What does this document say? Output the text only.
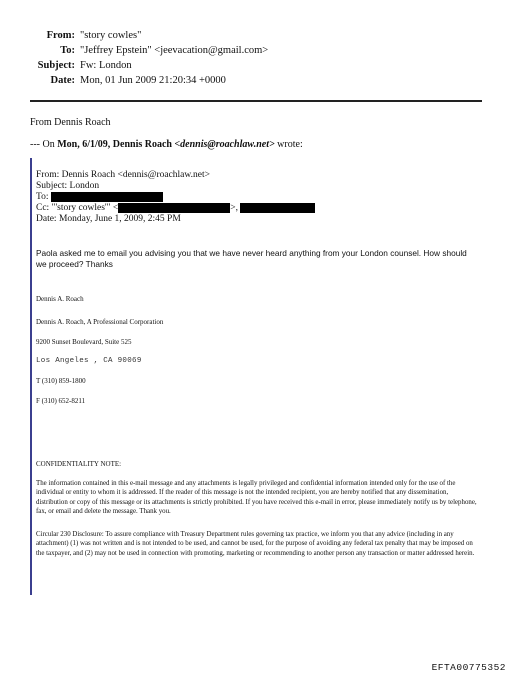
From: "story cowles"
To: "Jeffrey Epstein" <jeevacation@gmail.com>
Subject: Fw: London
Date: Mon, 01 Jun 2009 21:20:34 +0000
From Dennis Roach
--- On Mon, 6/1/09, Dennis Roach <dennis@roachlaw.net> wrote:
From: Dennis Roach <dennis@roachlaw.net>
Subject: London
To:
Cc: "'story cowles'" <	>,
Date: Monday, June 1, 2009, 2:45 PM
Paola asked me to email you advising you that we have never heard anything from your London counsel. How should we proceed? Thanks
Dennis A. Roach
Dennis A. Roach, A Professional Corporation
9200 Sunset Boulevard, Suite 525
Los Angeles , CA 90069
T (310) 859-1800
F (310) 652-8211
CONFIDENTIALITY NOTE:
The information contained in this e-mail message and any attachments is legally privileged and confidential information intended only for the use of the individual or entity to whom it is addressed. If the reader of this message is not the intended recipient, you are hereby notified that any dissemination, distribution or copy of this message or its attachments is strictly prohibited. If you have received this e-mail in error, please immediately notify us by telephone, fax, or email and delete the message. Thank you.
Circular 230 Disclosure: To assure compliance with Treasury Department rules governing tax practice, we inform you that any advice (including in any attachment) (1) was not written and is not intended to be used, and cannot be used, for the purpose of avoiding any federal tax penalty that may be imposed on the taxpayer, and (2) may not be used in connection with promoting, marketing or recommending to another person any transaction or matter addressed herein.
EFTA00775352
